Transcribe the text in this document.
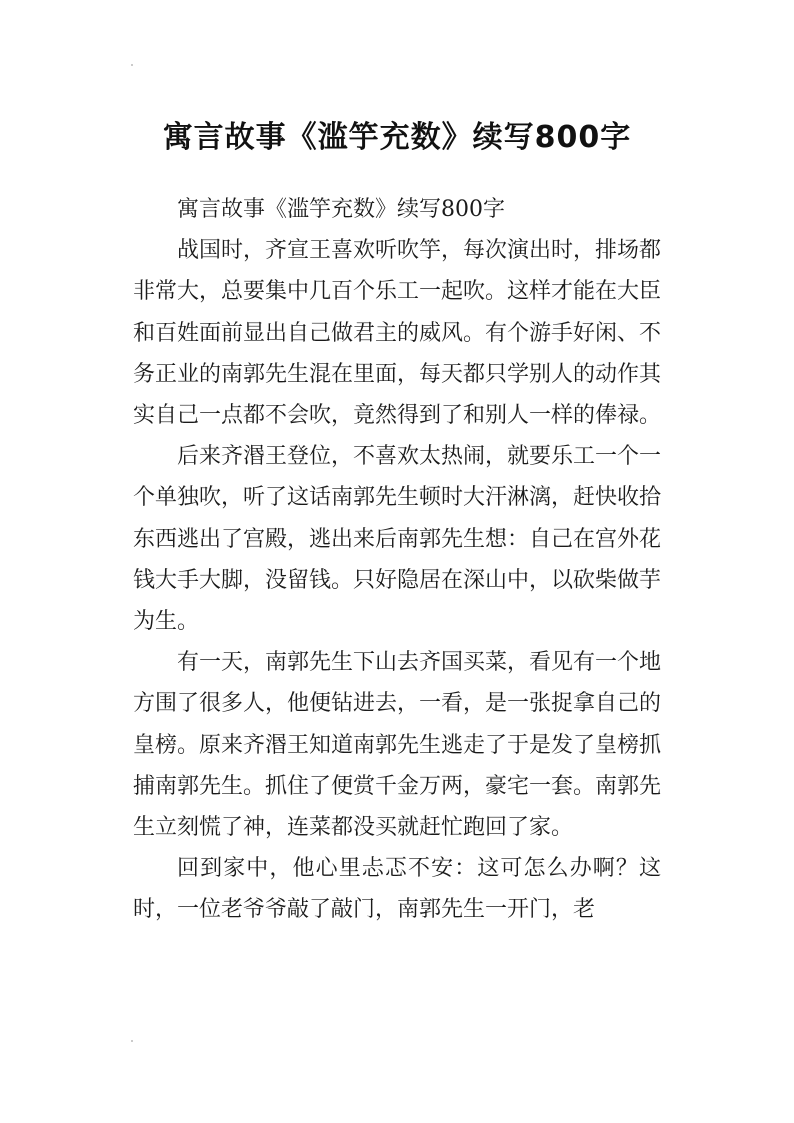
寓言故事《滥竽充数》续写800字

寓言故事《滥竽充数》续写800字

战国时，齐宣王喜欢听吹竽，每次演出时，排场都非常大，总要集中几百个乐工一起吹。这样才能在大臣和百姓面前显出自己做君主的威风。有个游手好闲、不务正业的南郭先生混在里面，每天都只学别人的动作其实自己一点都不会吹，竟然得到了和别人一样的俸禄。

后来齐湣王登位，不喜欢太热闹，就要乐工一个一个单独吹，听了这话南郭先生顿时大汗淋漓，赶快收拾东西逃出了宫殿，逃出来后南郭先生想：自己在宫外花钱大手大脚，没留钱。只好隐居在深山中，以砍柴做芋为生。

有一天，南郭先生下山去齐国买菜，看见有一个地方围了很多人，他便钻进去，一看，是一张捉拿自己的皇榜。原来齐湣王知道南郭先生逃走了于是发了皇榜抓捕南郭先生。抓住了便赏千金万两，豪宅一套。南郭先生立刻慌了神，连菜都没买就赶忙跑回了家。

回到家中，他心里忐忑不安：这可怎么办啊？这时，一位老爷爷敲了敲门，南郭先生一开门，老
